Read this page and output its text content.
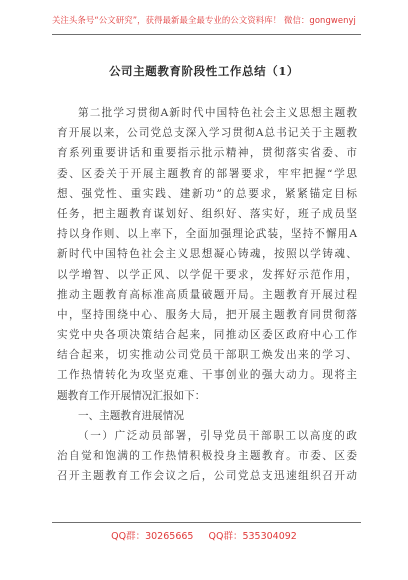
关注头条号“公文研究”，获得最新最全最专业的公文资料库！ 微信：gongwenyj
公司主题教育阶段性工作总结（1）
第二批学习贯彻A新时代中国特色社会主义思想主题教
育开展以来，公司党总支深入学习贯彻A总书记关于主题教
育系列重要讲话和重要指示批示精神，贯彻落实省委、市
委、区委关于开展主题教育的部署要求，牢牢把握“学思
想、强党性、重实践、建新功”的总要求，紧紧锚定目标
任务，把主题教育谋划好、组织好、落实好，班子成员坚
持以身作则、以上率下，全面加强理论武装，坚持不懈用A
新时代中国特色社会主义思想凝心铸魂，按照以学铸魂、
以学增智、以学正风、以学促干要求，发挥好示范作用，
推动主题教育高标准高质量破题开局。主题教育开展过程
中，坚持围绕中心、服务大局，把开展主题教育同贯彻落
实党中央各项决策结合起来，同推动区委区政府中心工作
结合起来，切实推动公司党员干部职工焕发出来的学习、
工作热情转化为攻坚克难、干事创业的强大动力。现将主
题教育工作开展情况汇报如下：
一、主题教育进展情况
（一）广泛动员部署，引导党员干部职工以高度的政
治自觉和饱满的工作热情积极投身主题教育。市委、区委
召开主题教育工作会议之后，公司党总支迅速组织召开动
QQ群：30265665 QQ群：535304092
